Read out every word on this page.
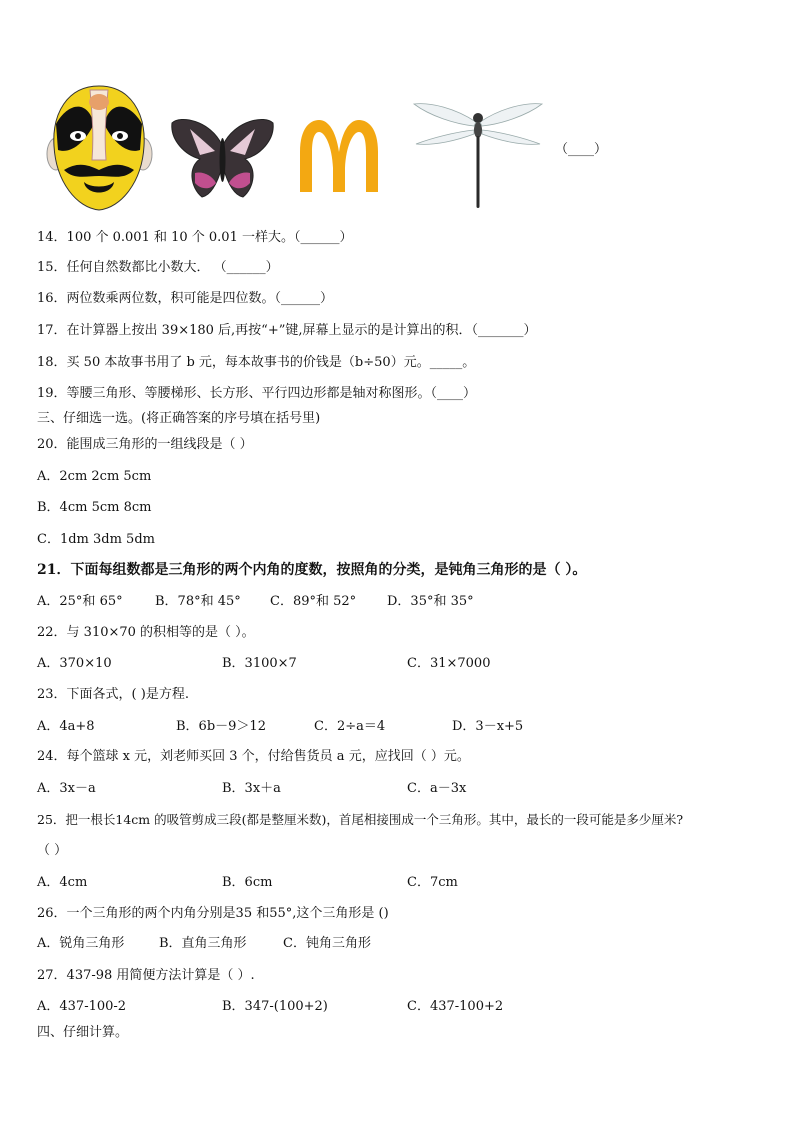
（____）
14．100 个 0.001 和 10 个 0.01 一样大。（______）
15．任何自然数都比小数大． （______）
16．两位数乘两位数，积可能是四位数。（______）
17．在计算器上按出 39×180 后,再按“+”键,屏幕上显示的是计算出的积．（_______）
18．买 50 本故事书用了 b 元，每本故事书的价钱是（b÷50）元。_____。
19．等腰三角形、等腰梯形、长方形、平行四边形都是轴对称图形。（____）
三、仔细选一选。(将正确答案的序号填在括号里)
20．能围成三角形的一组线段是（ ）
A．2cm 2cm 5cm
B．4cm 5cm 8cm
C．1dm 3dm 5dm
21．下面每组数都是三角形的两个内角的度数，按照角的分类，是钝角三角形的是（ ）。
A．25°和 65° B．78°和 45° C．89°和 52° D．35°和 35°
22．与 310×70 的积相等的是（ ）。
A．370×10	B．3100×7	C．31×7000
23．下面各式，( )是方程.
A．4a+8	B．6b－9＞12	C．2÷a＝4	D．3－x+5
24．每个篮球 x 元，刘老师买回 3 个，付给售货员 a 元，应找回（ ）元。
A．3x－a	B．3x＋a	C．a－3x
25．把一根长14cm 的吸管剪成三段(都是整厘米数)，首尾相接围成一个三角形。其中，最长的一段可能是多少厘米?
（ ）
A．4cm	B．6cm	C．7cm
26．一个三角形的两个内角分别是35 和55°,这个三角形是 ()
A．锐角三角形	B．直角三角形	C．钝角三角形
27．437-98 用简便方法计算是（ ）.
A．437-100-2	B．347-(100+2)	C．437-100+2
四、仔细计算。
